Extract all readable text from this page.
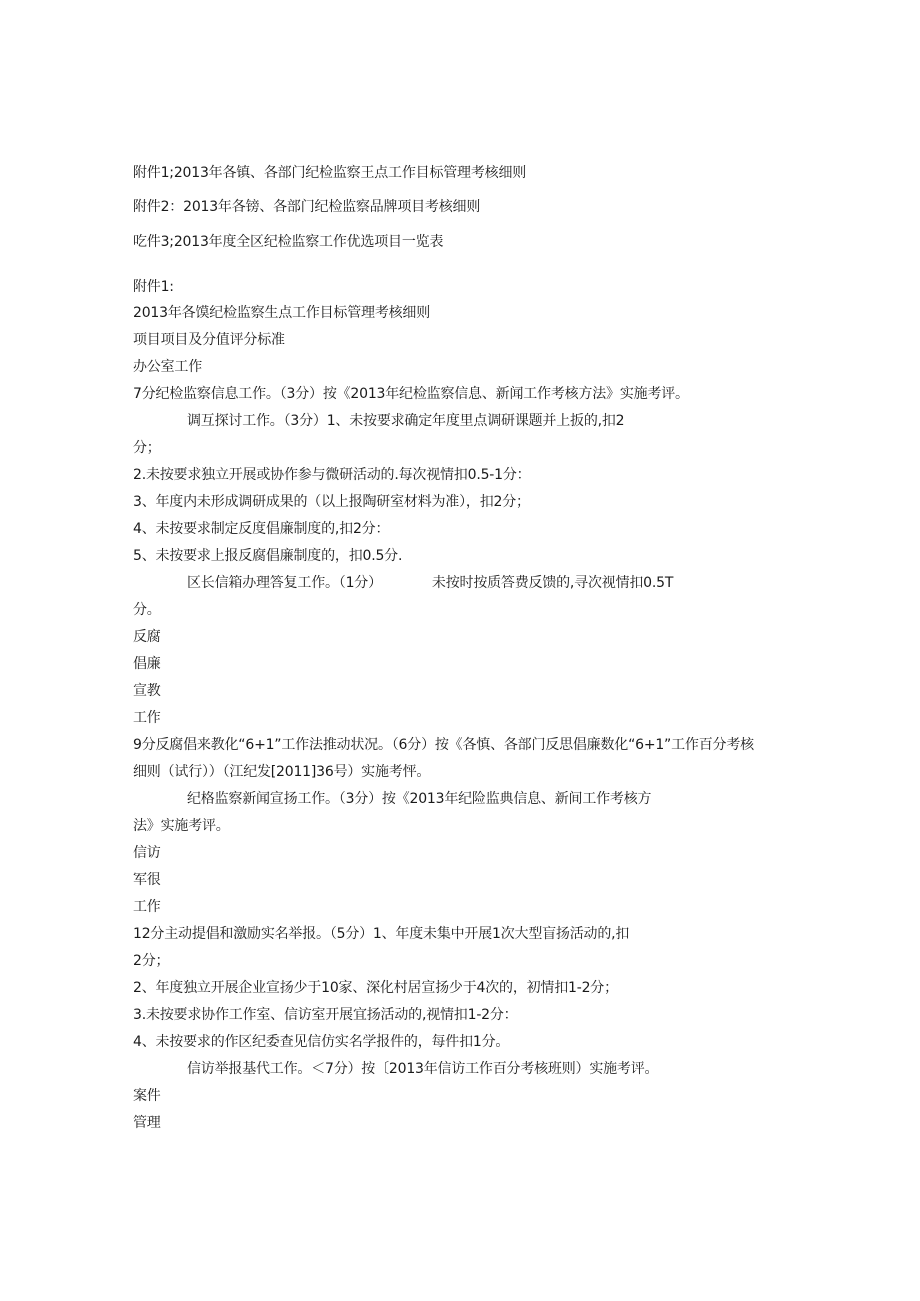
附件1;2013年各镇、各部门纪检监察王点工作目标管理考核细则
附件2：2013年各镑、各部门纪检监察品牌项目考核细则
吃件3;2013年度全区纪检监察工作优选项目一览表
附件1:
2013年各馍纪检监察生点工作目标管理考核细则
项目项目及分值评分标准
办公室工作
7分纪检监察信息工作。（3分）按《2013年纪检监察信息、新闻工作考核方法》实施考评。
调互探讨工作。（3分）1、未按要求确定年度里点调研课题并上扳的,扣2
分；
2.未按要求独立开展或协作参与微研活动的.每次视情扣0.5-1分：
3、年度内未形成调研成果的（以上报陶研室材料为准），扣2分；
4、未按要求制定反度倡廉制度的,扣2分：
5、未按要求上报反腐倡廉制度的，扣0.5分.
区长信箱办理答复工作。（1分）	未按时按质答费反馈的,寻次视情扣0.5T
分。
反腐
倡廉
宣教
工作
9分反腐倡来教化“6+1”工作法推动状况。（6分）按《各慎、各部门反思倡廉数化“6+1”工作百分考核
细则（试行））（江纪发[2011]36号）实施考怦。
纪格监察新闻宣扬工作。（3分）按《2013年纪险监典信息、新间工作考核方
法》实施考评。
信访
军很
工作
12分主动提倡和激励实名举报。（5分）1、年度未集中开展1次大型盲扬活动的,扣
2分；
2、年度独立开展企业宣扬少于10家、深化村居宣扬少于4次的，初情扣1-2分；
3.未按要求协作工作室、信访室开展宜扬活动的,视情扣1-2分：
4、未按要求的作区纪委查见信仿实名学报件的，每件扣1分。
信访举报基代工作。＜7分）按〔2013年信访工作百分考核班则）实施考评。
案件
管理
